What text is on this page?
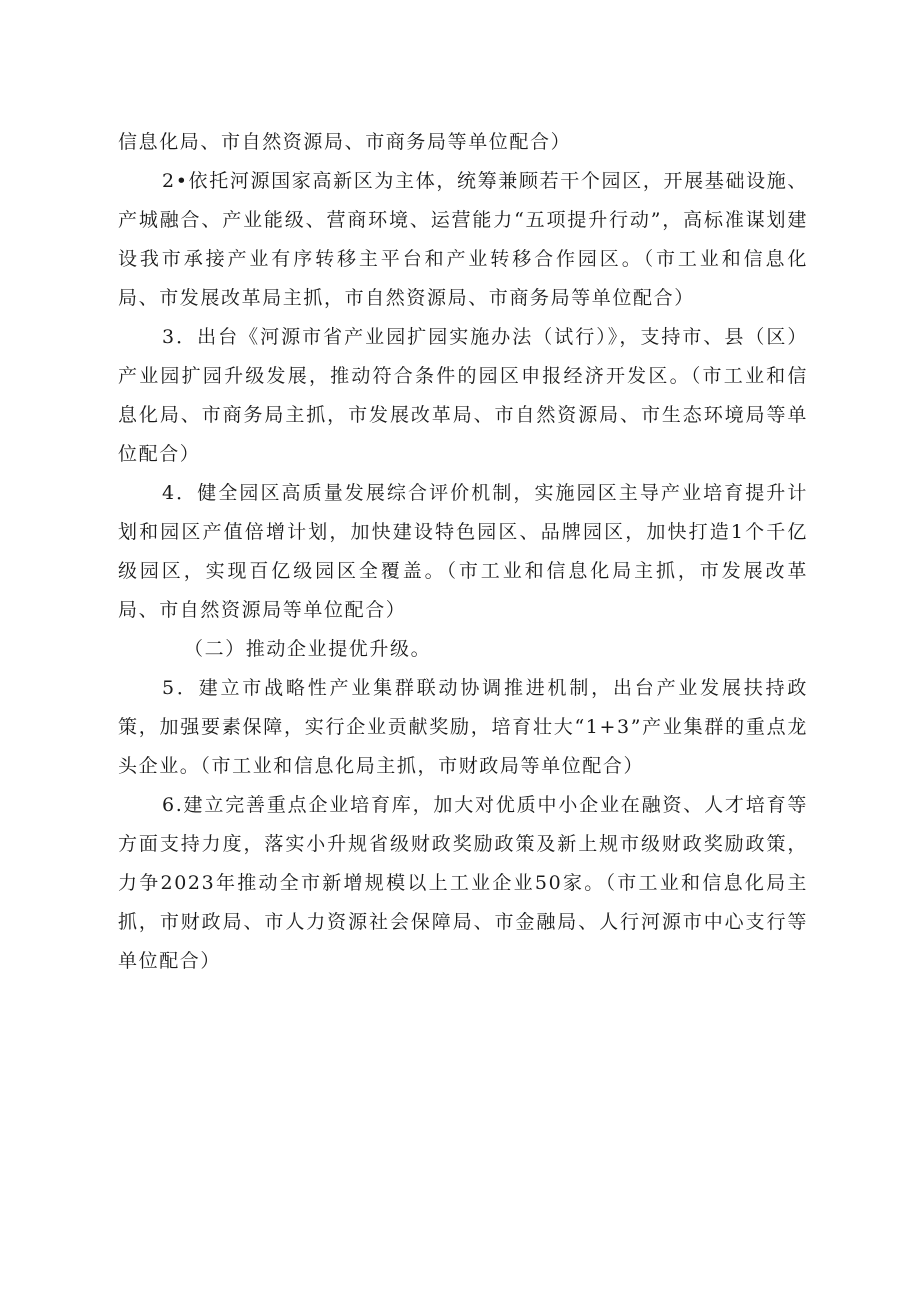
信息化局、市自然资源局、市商务局等单位配合）

2•依托河源国家高新区为主体，统筹兼顾若干个园区，开展基础设施、产城融合、产业能级、营商环境、运营能力“五项提升行动”，高标准谋划建设我市承接产业有序转移主平台和产业转移合作园区。（市工业和信息化局、市发展改革局主抓，市自然资源局、市商务局等单位配合）

3．出台《河源市省产业园扩园实施办法（试行）》，支持市、县（区）产业园扩园升级发展，推动符合条件的园区申报经济开发区。（市工业和信息化局、市商务局主抓，市发展改革局、市自然资源局、市生态环境局等单位配合）

4．健全园区高质量发展综合评价机制，实施园区主导产业培育提升计划和园区产值倍增计划，加快建设特色园区、品牌园区，加快打造1个千亿级园区，实现百亿级园区全覆盖。（市工业和信息化局主抓，市发展改革局、市自然资源局等单位配合）

（二）推动企业提优升级。

5．建立市战略性产业集群联动协调推进机制，出台产业发展扶持政策，加强要素保障，实行企业贡献奖励，培育壮大“1+3”产业集群的重点龙头企业。（市工业和信息化局主抓，市财政局等单位配合）

6.建立完善重点企业培育库，加大对优质中小企业在融资、人才培育等方面支持力度，落实小升规省级财政奖励政策及新上规市级财政奖励政策，力争2023年推动全市新增规模以上工业企业50家。（市工业和信息化局主抓，市财政局、市人力资源社会保障局、市金融局、人行河源市中心支行等单位配合）
